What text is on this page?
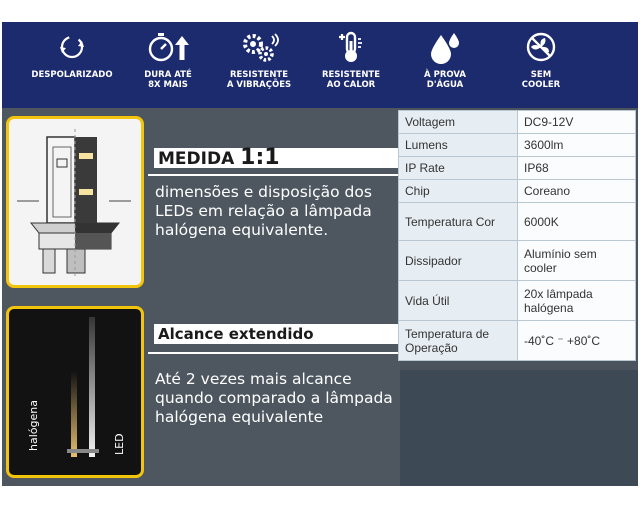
DESPOLARIZADO	DURA ATÉ
8X MAIS
RESISTENTE
A VIBRAÇÕES
RESISTENTE
AO CALOR
À PROVA
D'ÁGUA
SEM
COOLER
MEDIDA 1:1
dimensões e disposição dos LEDs em relação a lâmpada halógena equivalente.
halógena	LED
Alcance extendido
Até 2 vezes mais alcance quando comparado a lâmpada halógena equivalente
Voltagem	DC9-12V
Lumens	3600lm
IP Rate	IP68
Chip	Coreano
Temperatura Cor	6000K
Dissipador	Alumínio sem cooler
Vida Útil	20x lâmpada halógena
Temperatura de Operação	-40˚C ⁻ +80˚C
